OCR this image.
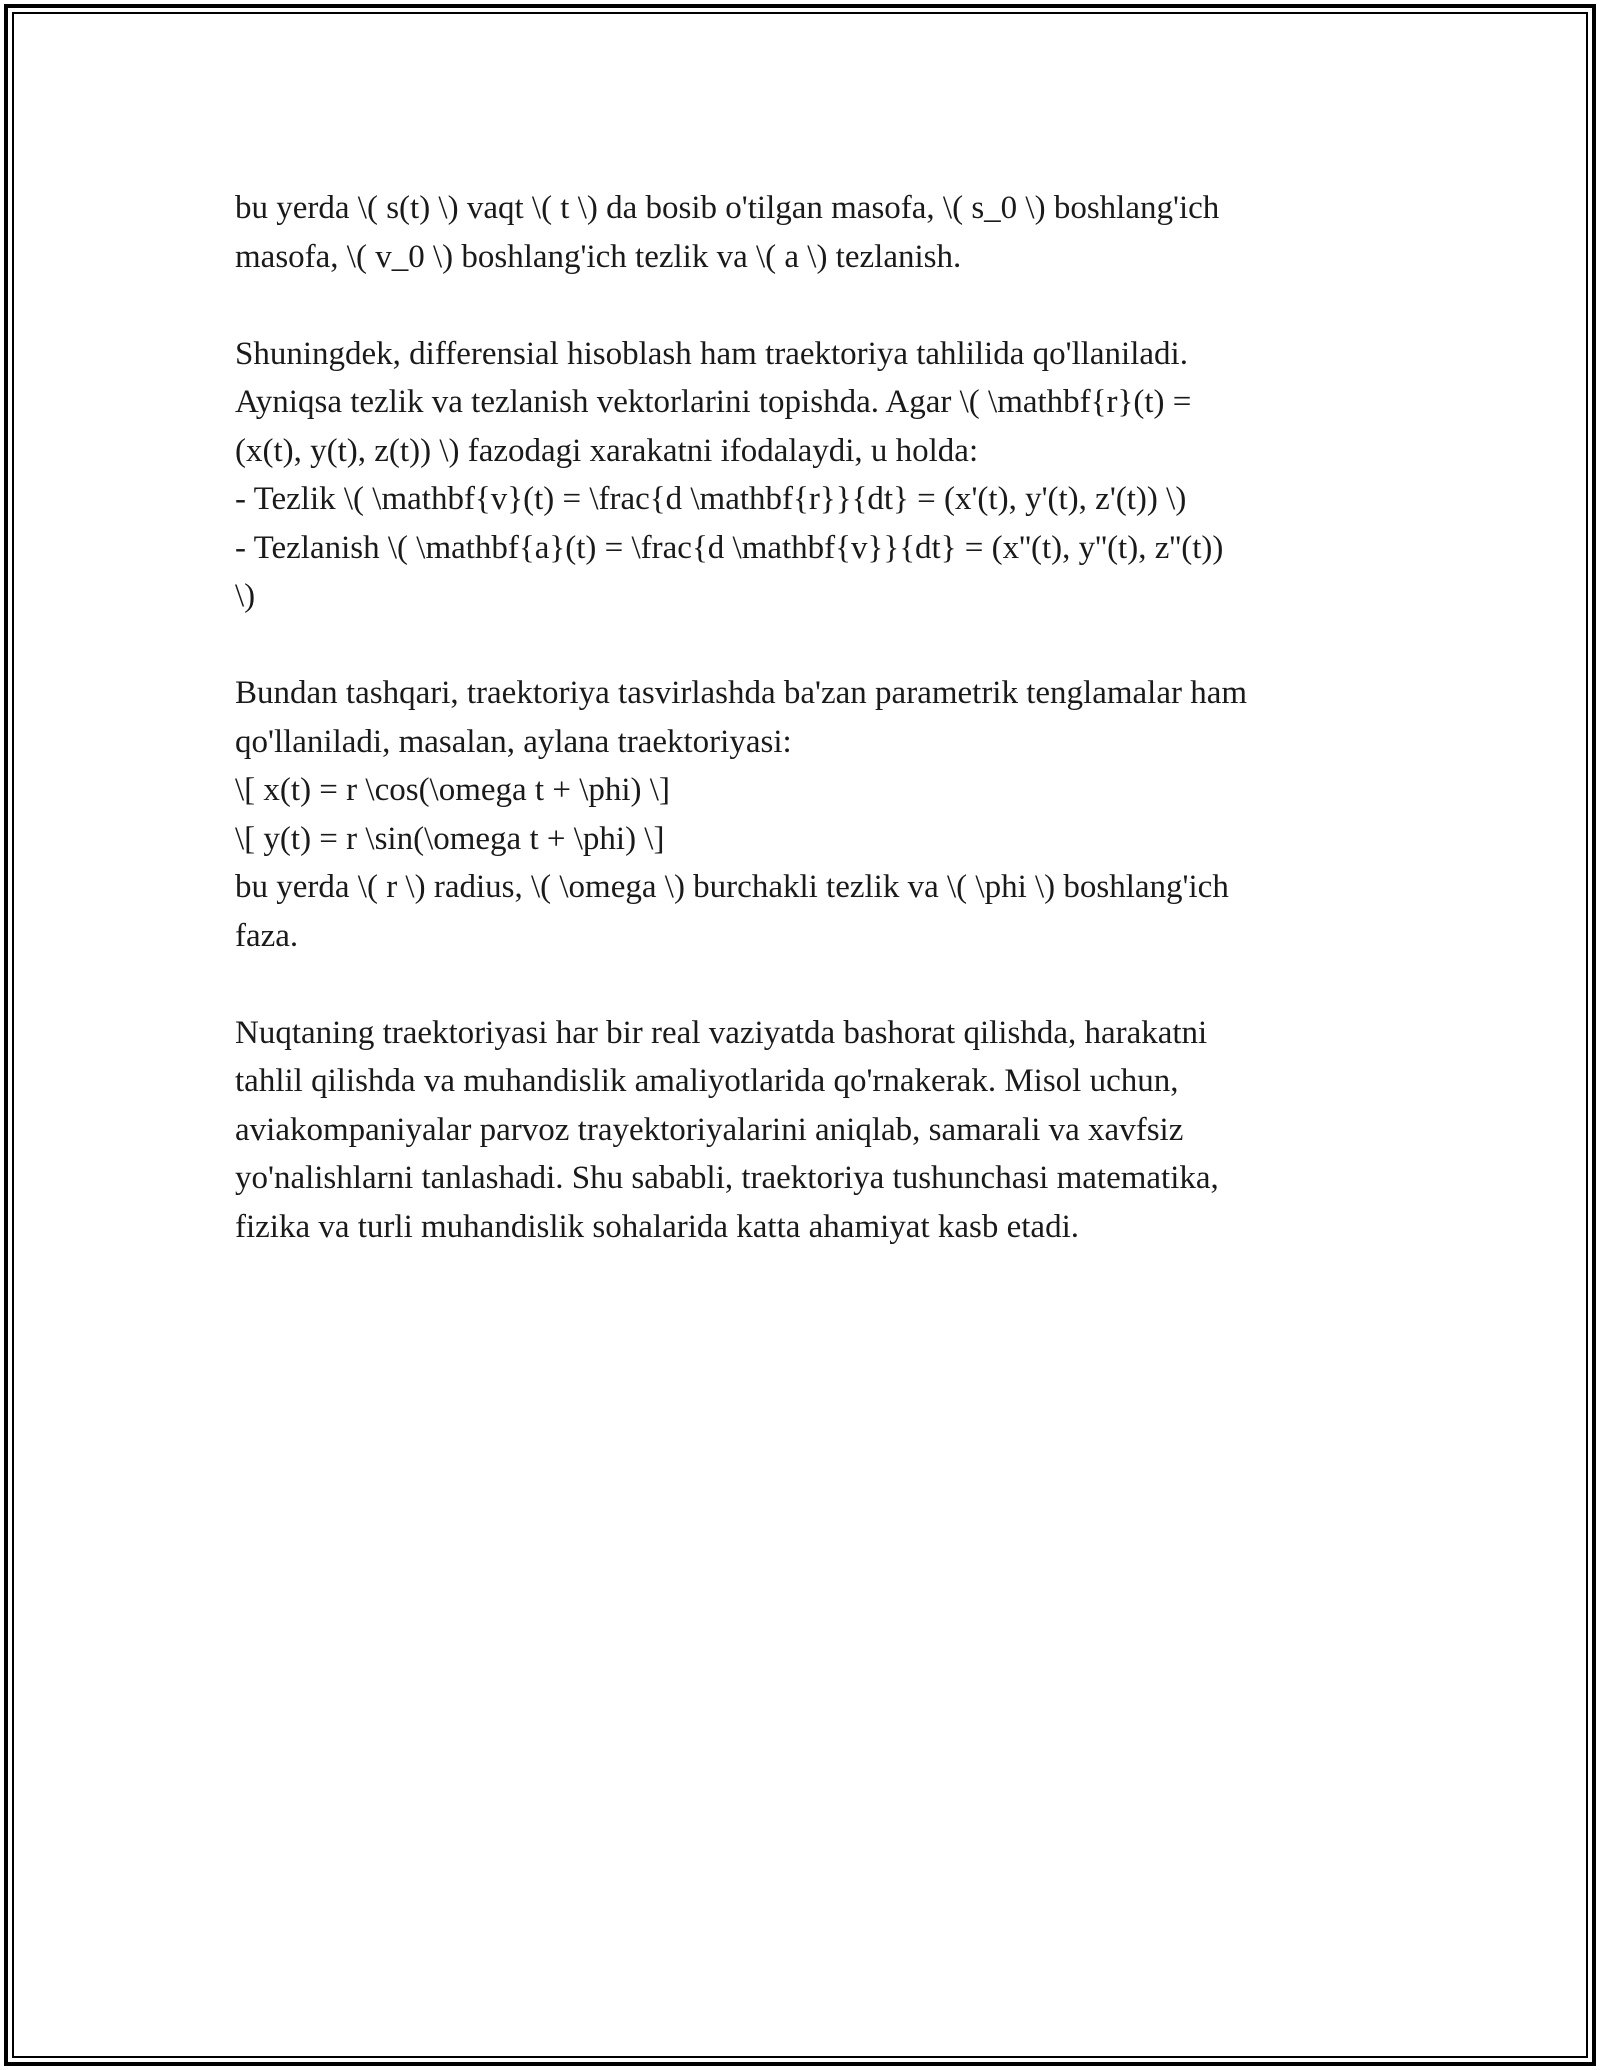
bu yerda \( s(t) \) vaqt \( t \) da bosib o'tilgan masofa, \( s_0 \) boshlang'ich
masofa, \( v_0 \) boshlang'ich tezlik va \( a \) tezlanish.

Shuningdek, differensial hisoblash ham traektoriya tahlilida qo'llaniladi.
Ayniqsa tezlik va tezlanish vektorlarini topishda. Agar \( \mathbf{r}(t) =
(x(t), y(t), z(t)) \) fazodagi xarakatni ifodalaydi, u holda:
- Tezlik \( \mathbf{v}(t) = \frac{d \mathbf{r}}{dt} = (x'(t), y'(t), z'(t)) \)
- Tezlanish \( \mathbf{a}(t) = \frac{d \mathbf{v}}{dt} = (x''(t), y''(t), z''(t))
\)

Bundan tashqari, traektoriya tasvirlashda ba'zan parametrik tenglamalar ham
qo'llaniladi, masalan, aylana traektoriyasi:
\[ x(t) = r \cos(\omega t + \phi) \]
\[ y(t) = r \sin(\omega t + \phi) \]
bu yerda \( r \) radius, \( \omega \) burchakli tezlik va \( \phi \) boshlang'ich
faza.

Nuqtaning traektoriyasi har bir real vaziyatda bashorat qilishda, harakatni
tahlil qilishda va muhandislik amaliyotlarida qo'rnakerak. Misol uchun,
aviakompaniyalar parvoz trayektoriyalarini aniqlab, samarali va xavfsiz
yo'nalishlarni tanlashadi. Shu sababli, traektoriya tushunchasi matematika,
fizika va turli muhandislik sohalarida katta ahamiyat kasb etadi.
